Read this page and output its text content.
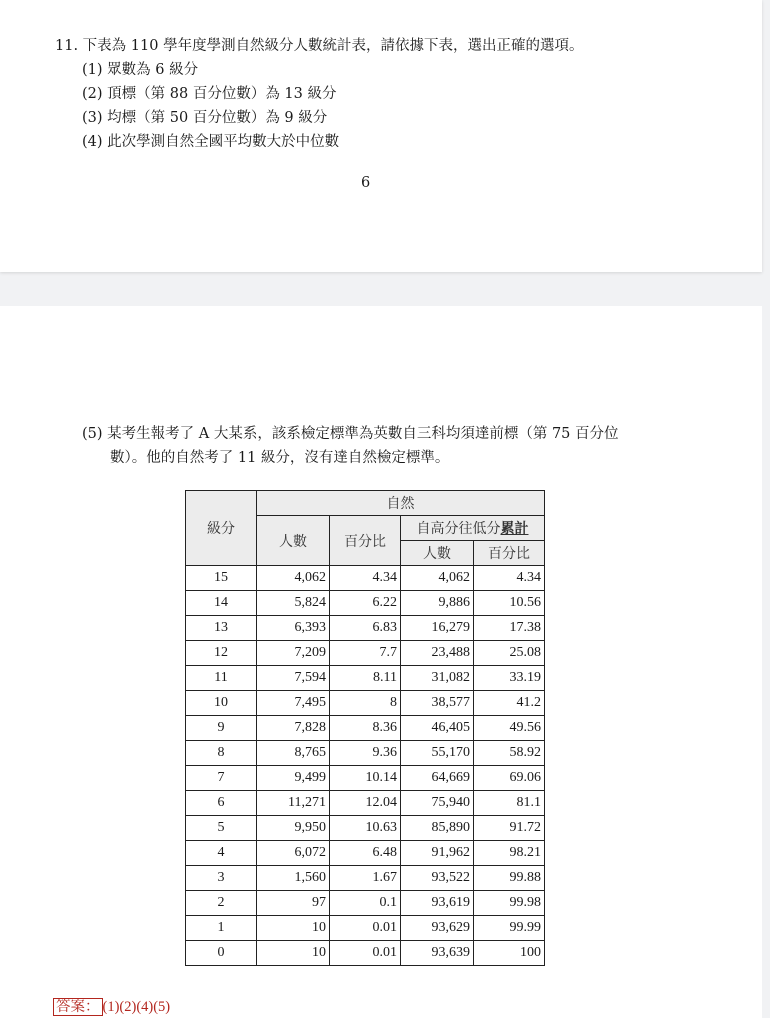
11. 下表為 110 學年度學測自然級分人數統計表，請依據下表，選出正確的選項。
(1) 眾數為 6 級分
(2) 頂標（第 88 百分位數）為 13 級分
(3) 均標（第 50 百分位數）為 9 級分
(4) 此次學測自然全國平均數大於中位數
6
(5) 某考生報考了 A 大某系，該系檢定標準為英數自三科均須達前標（第 75 百分位
數）。他的自然考了 11 級分，沒有達自然檢定標準。
級分	自然			
	人數	百分比	自高分往低分累計	
			人數	百分比
15	4,062	4.34	4,062	4.34
14	5,824	6.22	9,886	10.56
13	6,393	6.83	16,279	17.38
12	7,209	7.7	23,488	25.08
11	7,594	8.11	31,082	33.19
10	7,495	8	38,577	41.2
9	7,828	8.36	46,405	49.56
8	8,765	9.36	55,170	58.92
7	9,499	10.14	64,669	69.06
6	11,271	12.04	75,940	81.1
5	9,950	10.63	85,890	91.72
4	6,072	6.48	91,962	98.21
3	1,560	1.67	93,522	99.88
2	97	0.1	93,619	99.98
1	10	0.01	93,629	99.99
0	10	0.01	93,639	100
答案： (1)(2)(4)(5)
